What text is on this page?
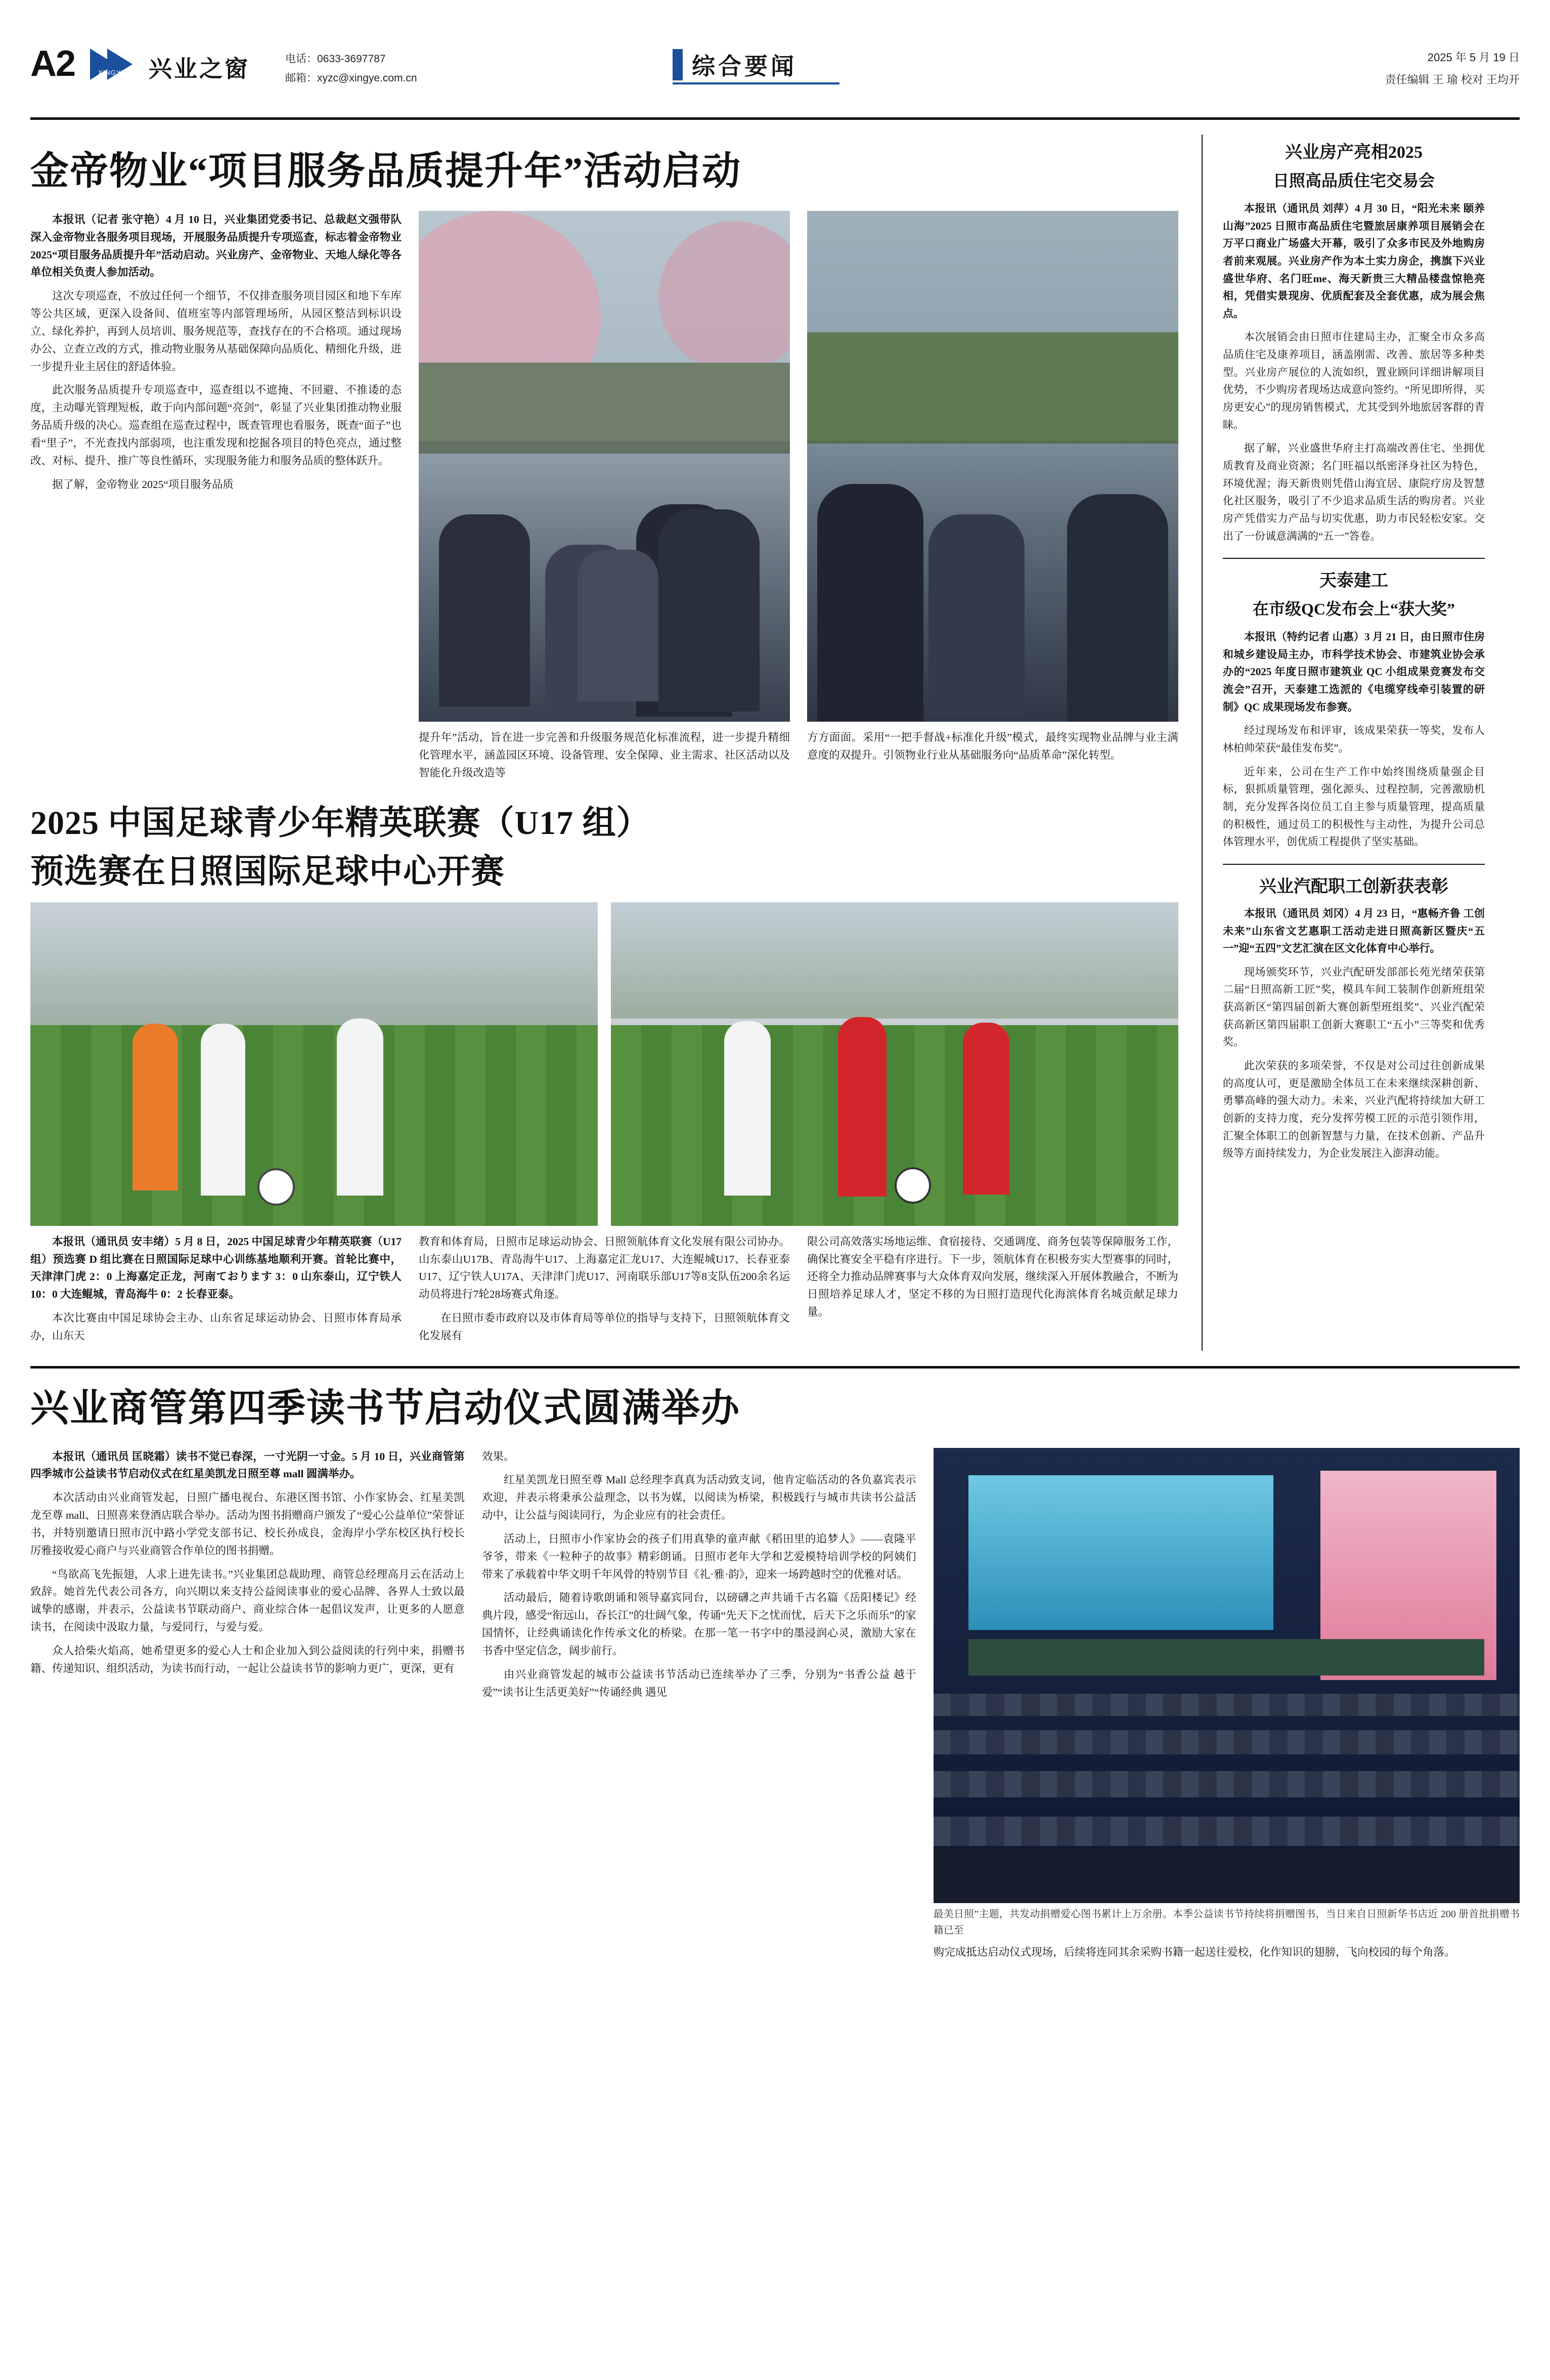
A2	XINGYE 兴业之窗	电话：0633-3697787
邮箱：xyzc@xingye.com.cn	综合要闻	2025 年 5 月 19 日
责任编辑 王 瑜 校对 王均开
金帝物业“项目服务品质提升年”活动启动

本报讯（记者 张守艳）4 月 10 日，兴业集团党委书记、总裁赵文强带队深入金帝物业各服务项目现场，开展服务品质提升专项巡查，标志着金帝物业 2025“项目服务品质提升年”活动启动。兴业房产、金帝物业、天地人绿化等各单位相关负责人参加活动。

这次专项巡查，不放过任何一个细节，不仅排查服务项目园区和地下车库等公共区域，更深入设备间、值班室等内部管理场所，从园区整洁到标识设立、绿化养护，再到人员培训、服务规范等，查找存在的不合格项。通过现场办公、立查立改的方式，推动物业服务从基础保障向品质化、精细化升级，进一步提升业主居住的舒适体验。

此次服务品质提升专项巡查中，巡查组以不遮掩、不回避、不推诿的态度，主动曝光管理短板，敢于向内部问题“亮剑”，彰显了兴业集团推动物业服务品质升级的决心。巡查组在巡查过程中，既查管理也看服务，既查“面子”也看“里子”，不光查找内部弱项，也注重发现和挖掘各项目的特色亮点，通过整改、对标、提升、推广等良性循环，实现服务能力和服务品质的整体跃升。

据了解，金帝物业 2025“项目服务品质

提升年”活动，旨在进一步完善和升级服务规范化标准流程，进一步提升精细化管理水平，涵盖园区环境、设备管理、安全保障、业主需求、社区活动以及智能化升级改造等

方方面面。采用“一把手督战+标准化升级”模式，最终实现物业品牌与业主满意度的双提升。引领物业行业从基础服务向“品质革命”深化转型。

2025 中国足球青少年精英联赛（U17 组）
预选赛在日照国际足球中心开赛

本报讯（通讯员 安丰绪）5 月 8 日，2025 中国足球青少年精英联赛（U17 组）预选赛 D 组比赛在日照国际足球中心训练基地顺利开赛。首轮比赛中，天津津门虎 2：0 上海嘉定正龙，河南ております 3：0 山东泰山，辽宁铁人 10：0 大连鲲城，青岛海牛 0：2 长春亚泰。

本次比赛由中国足球协会主办、山东省足球运动协会、日照市体育局承办，山东天

教育和体育局，日照市足球运动协会、日照领航体育文化发展有限公司协办。山东泰山U17B、青岛海牛U17、上海嘉定汇龙U17、大连鲲城U17、长春亚泰U17、辽宁铁人U17A、天津津门虎U17、河南联乐部U17等8支队伍200余名运动员将进行7轮28场赛式角逐。

在日照市委市政府以及市体育局等单位的指导与支持下，日照领航体育文化发展有

限公司高效落实场地运维、食宿接待、交通调度、商务包装等保障服务工作，确保比赛安全平稳有序进行。下一步，领航体育在积极夯实大型赛事的同时，还将全力推动品牌赛事与大众体育双向发展，继续深入开展体教融合，不断为日照培养足球人才，坚定不移的为日照打造现代化海滨体育名城贡献足球力量。

兴业房产亮相2025
日照高品质住宅交易会

本报讯（通讯员 刘萍）4 月 30 日，“阳光未来 颐养山海”2025 日照市高品质住宅暨旅居康养项目展销会在万平口商业广场盛大开幕，吸引了众多市民及外地购房者前来观展。兴业房产作为本土实力房企，携旗下兴业盛世华府、名门旺me、海天新贵三大精品楼盘惊艳亮相，凭借实景现房、优质配套及全套优惠，成为展会焦点。

本次展销会由日照市住建局主办，汇聚全市众多高品质住宅及康养项目，涵盖刚需、改善、旅居等多种类型。兴业房产展位的人流如织，置业顾问详细讲解项目优势，不少购房者现场达成意向签约。“所见即所得，买房更安心”的现房销售模式，尤其受到外地旅居客群的青睐。

据了解，兴业盛世华府主打高端改善住宅、坐拥优质教育及商业资源；名门旺福以纸密泽身社区为特色，环境优渥；海天新贵则凭借山海宜居、康院疗房及智慧化社区服务，吸引了不少追求品质生活的购房者。兴业房产凭借实力产品与切实优惠，助力市民轻松安家。交出了一份诚意满满的“五一”答卷。

天泰建工
在市级QC发布会上“获大奖”

本报讯（特约记者 山惠）3 月 21 日，由日照市住房和城乡建设局主办，市科学技术协会、市建筑业协会承办的“2025 年度日照市建筑业 QC 小组成果竞赛发布交流会”召开，天泰建工选派的《电缆穿线牵引装置的研制》QC 成果现场发布参赛。

经过现场发布和评审，该成果荣获一等奖，发布人林柏帅荣获“最佳发布奖”。

近年来，公司在生产工作中始终围绕质量强企目标，狠抓质量管理，强化源头、过程控制，完善激励机制，充分发挥各岗位员工自主参与质量管理，提高质量的积极性，通过员工的积极性与主动性，为提升公司总体管理水平，创优质工程提供了坚实基础。

兴业汽配职工创新获表彰

本报讯（通讯员 刘冈）4 月 23 日，“惠畅齐鲁 工创未来”山东省文艺惠职工活动走进日照高新区暨庆“五一”迎“五四”文艺汇演在区文化体育中心举行。

现场颁奖环节，兴业汽配研发部部长苑光绪荣获第二届“日照高新工匠”奖，模具车间工装制作创新班组荣获高新区“第四届创新大赛创新型班组奖”、兴业汽配荣获高新区第四届职工创新大赛职工“五小”三等奖和优秀奖。

此次荣获的多项荣誉，不仅是对公司过往创新成果的高度认可，更是激励全体员工在未来继续深耕创新、勇攀高峰的强大动力。未来，兴业汽配将持续加大研工创新的支持力度，充分发挥劳模工匠的示范引领作用，汇聚全体职工的创新智慧与力量，在技术创新、产品升级等方面持续发力，为企业发展注入澎湃动能。

兴业商管第四季读书节启动仪式圆满举办

本报讯（通讯员 匡晓霜）读书不觉已春深，一寸光阴一寸金。5 月 10 日，兴业商管第四季城市公益读书节启动仪式在红星美凯龙日照至尊 mall 圆满举办。

本次活动由兴业商管发起，日照广播电视台、东港区图书馆、小作家协会、红星美凯龙至尊 mall、日照喜来登酒店联合举办。活动为图书捐赠商户颁发了“爱心公益单位”荣誉证书，并特别邀请日照市沉中路小学党支部书记、校长孙成良，金海岸小学东校区执行校长厉雅接收爱心商户与兴业商管合作单位的图书捐赠。

“鸟欲高飞先振翅，人求上进先读书。”兴业集团总裁助理、商管总经理高月云在活动上致辞。她首先代表公司各方，向兴期以来支持公益阅读事业的爱心品牌、各界人士致以最诚挚的感谢，并表示，公益读书节联动商户、商业综合体一起倡议发声，让更多的人愿意读书，在阅读中汲取力量，与爱同行，与爱与爱。

众人拾柴火焰高，她希望更多的爱心人士和企业加入到公益阅读的行列中来，捐赠书籍、传递知识、组织活动，为读书而行动，一起让公益读书节的影响力更广，更深，更有

效果。

红星美凯龙日照至尊 Mall 总经理李真真为活动致支词，他肯定临活动的各负嘉宾表示欢迎，并表示将秉承公益理念，以书为媒，以阅读为桥梁，积极践行与城市共读书公益活动中，让公益与阅读同行，为企业应有的社会责任。

活动上，日照市小作家协会的孩子们用真挚的童声献《稻田里的追梦人》——袁隆平爷爷，带来《一粒种子的故事》精彩朗诵。日照市老年大学和艺爱模特培训学校的阿姨们带来了承载着中华文明千年风骨的特别节目《礼·雅·韵》，迎来一场跨越时空的优雅对话。

活动最后，随着诗歌朗诵和领导嘉宾同台，以磅礴之声共诵千古名篇《岳阳楼记》经典片段，感受“衔远山，吞长江”的壮阔气象，传诵“先天下之忧而忧，后天下之乐而乐”的家国情怀，让经典诵读化作传承文化的桥梁。在那一笔一书字中的墨浸润心灵，激励大家在书香中坚定信念，阔步前行。

由兴业商管发起的城市公益读书节活动已连续举办了三季，分别为“书香公益 越于爱”“读书让生活更美好”“传诵经典 遇见

最美日照”主题，共发动捐赠爱心图书累计上万余册。本季公益读书节持续将捐赠图书，当日来自日照新华书店近 200 册首批捐赠书籍已至

购完成抵达启动仪式现场，后续将连同其余采购书籍一起送往爱校，化作知识的翅膀，飞向校园的每个角落。
